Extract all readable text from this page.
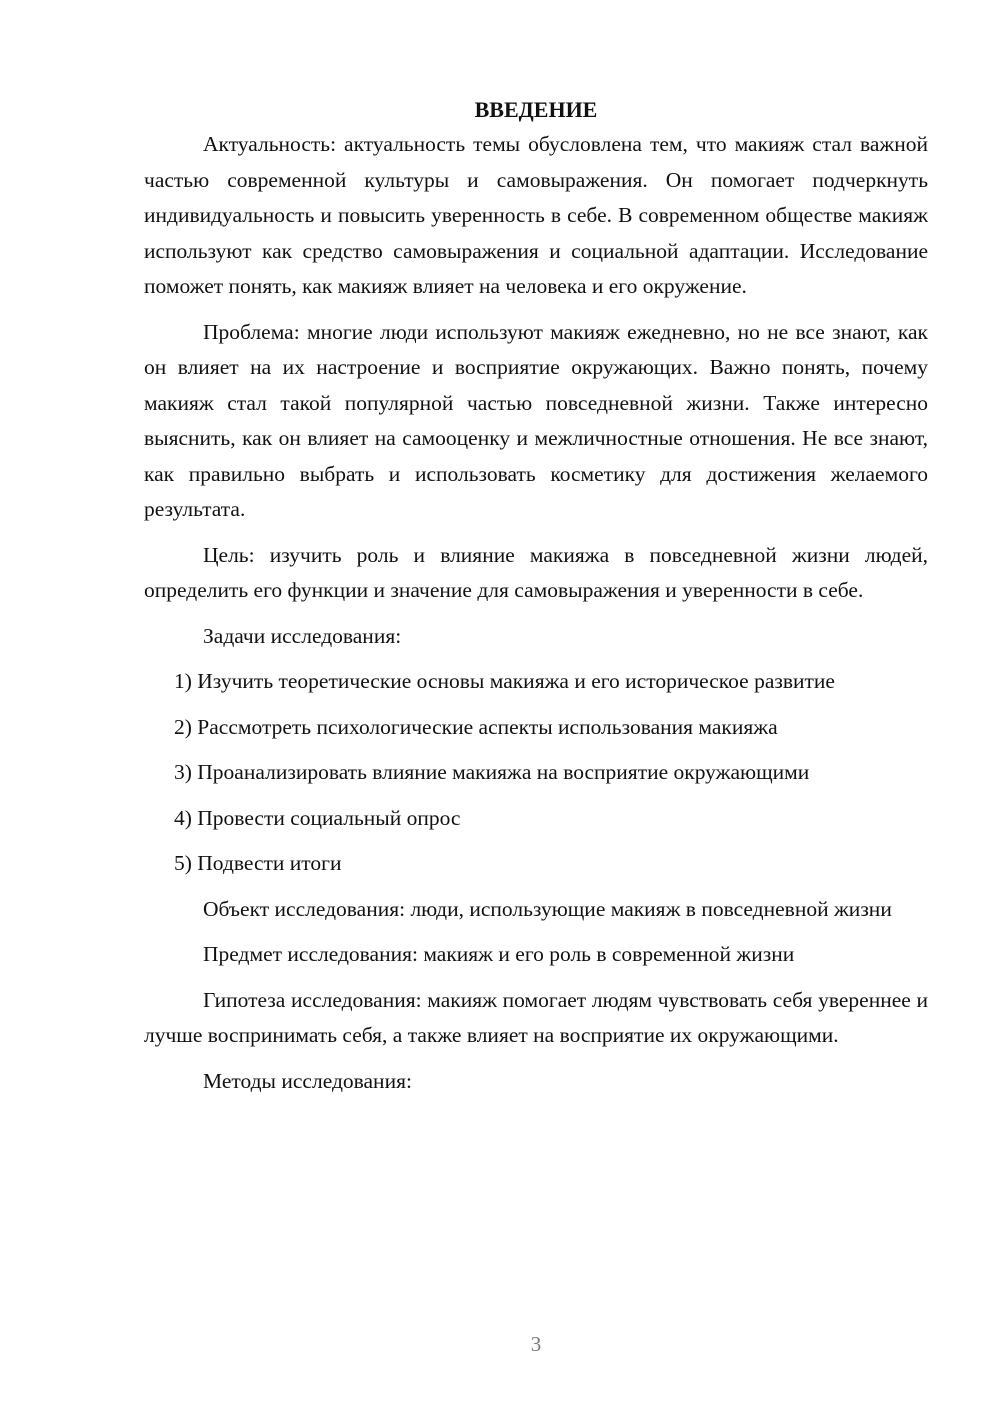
ВВЕДЕНИЕ

Актуальность: актуальность темы обусловлена тем, что макияж стал важной частью современной культуры и самовыражения. Он помогает подчеркнуть индивидуальность и повысить уверенность в себе. В современном обществе макияж используют как средство самовыражения и социальной адаптации. Исследование поможет понять, как макияж влияет на человека и его окружение.

Проблема: многие люди используют макияж ежедневно, но не все знают, как он влияет на их настроение и восприятие окружающих. Важно понять, почему макияж стал такой популярной частью повседневной жизни. Также интересно выяснить, как он влияет на самооценку и межличностные отношения. Не все знают, как правильно выбрать и использовать косметику для достижения желаемого результата.

Цель: изучить роль и влияние макияжа в повседневной жизни людей, определить его функции и значение для самовыражения и уверенности в себе.

Задачи исследования:

1) Изучить теоретические основы макияжа и его историческое развитие

2) Рассмотреть психологические аспекты использования макияжа

3) Проанализировать влияние макияжа на восприятие окружающими

4) Провести социальный опрос

5) Подвести итоги

Объект исследования: люди, использующие макияж в повседневной жизни

Предмет исследования: макияж и его роль в современной жизни

Гипотеза исследования: макияж помогает людям чувствовать себя увереннее и лучше воспринимать себя, а также влияет на восприятие их окружающими.

Методы исследования:

3
